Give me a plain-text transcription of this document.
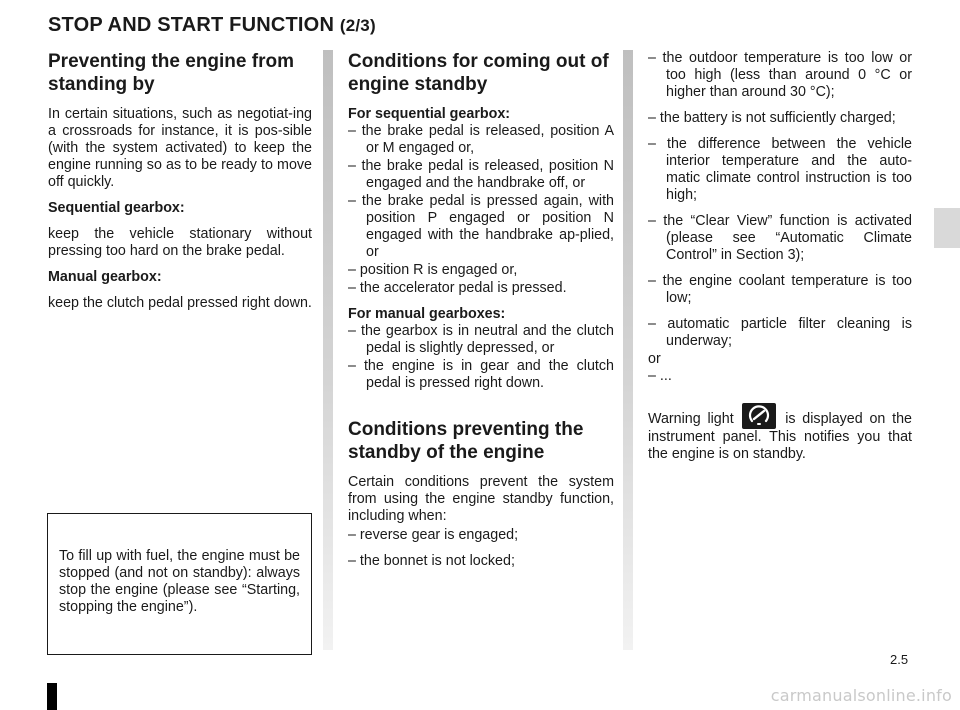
STOP AND START FUNCTION (2/3)
Preventing the engine from standing by

In certain situations, such as negotiat-ing a crossroads for instance, it is pos-sible (with the system activated) to keep the engine running so as to be ready to move off quickly.

Sequential gearbox:

keep the vehicle stationary without pressing too hard on the brake pedal.

Manual gearbox:

keep the clutch pedal pressed right down.

Conditions for coming out of engine standby
For sequential gearbox:
– the brake pedal is released, position A or M engaged or,
– the brake pedal is released, position N engaged and the handbrake off, or
– the brake pedal is pressed again, with position P engaged or position N engaged with the handbrake ap-plied, or
– position R is engaged or,
– the accelerator pedal is pressed.
For manual gearboxes:
– the gearbox is in neutral and the clutch pedal is slightly depressed, or
– the engine is in gear and the clutch pedal is pressed right down.
Conditions preventing the standby of the engine

Certain conditions prevent the system from using the engine standby function, including when:

– reverse gear is engaged;
– the bonnet is not locked;
– the outdoor temperature is too low or too high (less than around 0 °C or higher than around 30 °C);
– the battery is not sufficiently charged;
– the difference between the vehicle interior temperature and the auto-matic climate control instruction is too high;
– the “Clear View” function is activated (please see “Automatic Climate Control” in Section 3);
– the engine coolant temperature is too low;
– automatic particle filter cleaning is underway;
or
– ...

Warning light	is displayed on the instrument panel. This notifies you that the engine is on standby.

To fill up with fuel, the engine must be stopped (and not on standby): always stop the engine (please see “Starting, stopping the engine”).

2.5
carmanualsonline.info
